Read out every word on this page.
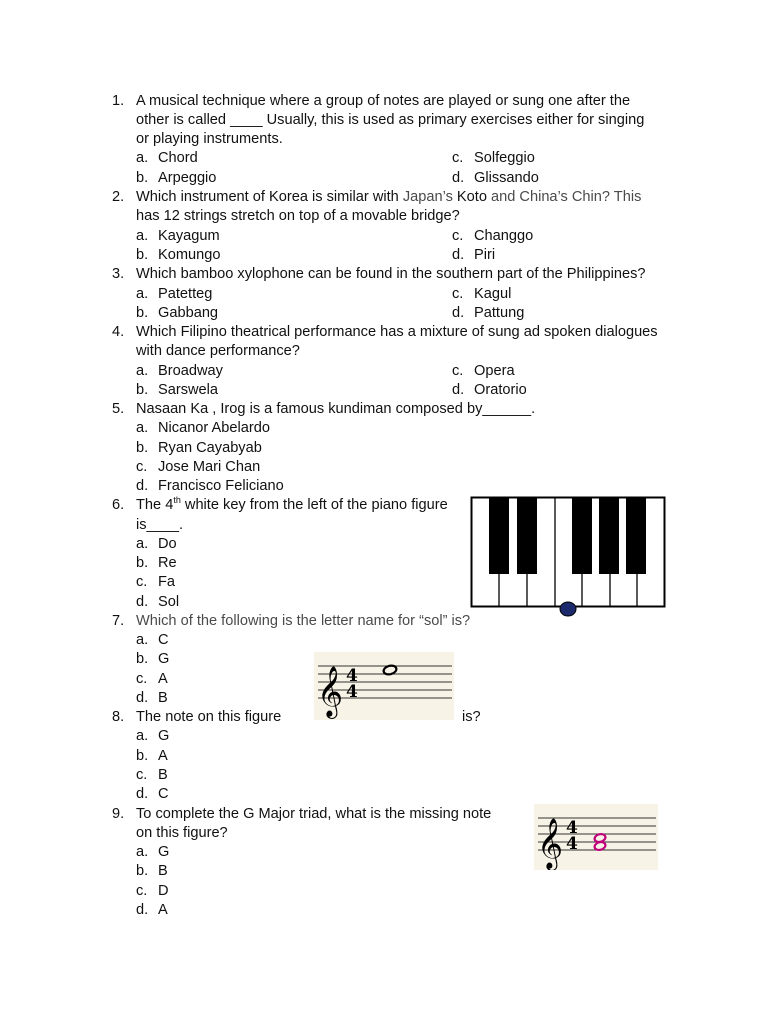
1. A musical technique where a group of notes are played or sung one after the
other is called ____ Usually, this is used as primary exercises either for singing
or playing instruments.
a. Chord	c. Solfeggio
b. Arpeggio	d. Glissando
2. Which instrument of Korea is similar with Japan’s Koto and China’s Chin? This
has 12 strings stretch on top of a movable bridge?
a. Kayagum	c. Changgo
b. Komungo	d. Piri
3. Which bamboo xylophone can be found in the southern part of the Philippines?
a. Patetteg	c. Kagul
b. Gabbang	d. Pattung
4. Which Filipino theatrical performance has a mixture of sung ad spoken dialogues
with dance performance?
a. Broadway	c. Opera
b. Sarswela	d. Oratorio
5. Nasaan Ka , Irog is a famous kundiman composed by______.
a. Nicanor Abelardo
b. Ryan Cayabyab
c. Jose Mari Chan
d. Francisco Feliciano
6. The 4th white key from the left of the piano figure
is____.
a. Do
b. Re
c. Fa
d. Sol
7. Which of the following is the letter name for “sol” is?
a. C
b. G
c. A
d. B	𝄞 4
4
8. The note on this figure	is?
a. G
b. A
c. B
d. C
9. To complete the G Major triad, what is the missing note
on this figure?
a. G
b. B
c. D
d. A
𝄞 4
4
